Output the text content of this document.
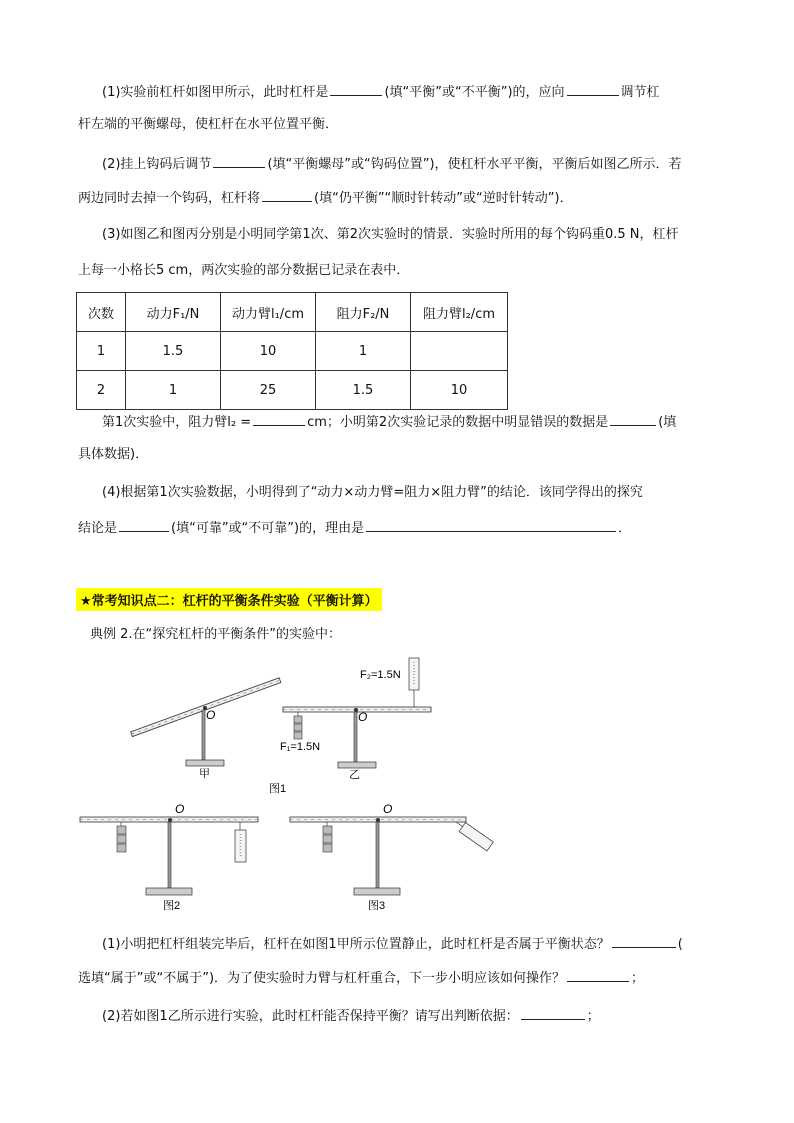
(1)实验前杠杆如图甲所示，此时杠杆是	(填“平衡”或“不平衡”)的，应向	调节杠
杆左端的平衡螺母，使杠杆在水平位置平衡．
(2)挂上钩码后调节	(填“平衡螺母”或“钩码位置”)，使杠杆水平平衡，平衡后如图乙所示．若
两边同时去掉一个钩码，杠杆将	(填“仍平衡”“顺时针转动”或“逆时针转动”)．
(3)如图乙和图丙分别是小明同学第1次、第2次实验时的情景．实验时所用的每个钩码重0.5 N，杠杆
上每一小格长5 cm，两次实验的部分数据已记录在表中．
次数	动力F₁/N	动力臂l₁/cm	阻力F₂/N	阻力臂l₂/cm
1	1.5	10	1	
2	1	25	1.5	10
第1次实验中，阻力臂l₂ =	cm；小明第2次实验记录的数据中明显错误的数据是	(填
具体数据)．
(4)根据第1次实验数据，小明得到了“动力×动力臂=阻力×阻力臂”的结论．该同学得出的探究
结论是	(填“可靠”或“不可靠”)的，理由是	．
★常考知识点二：杠杆的平衡条件实验（平衡计算）
典例 2.在“探究杠杆的平衡条件”的实验中：
O
甲
O
F₂=1.5N
F₁=1.5N
乙
图1
O
图2
O
图3
(1)小明把杠杆组装完毕后，杠杆在如图1甲所示位置静止，此时杠杆是否属于平衡状态？	(
选填“属于”或“不属于”)．为了使实验时力臂与杠杆重合，下一步小明应该如何操作？	；
(2)若如图1乙所示进行实验，此时杠杆能否保持平衡？请写出判断依据：	；
